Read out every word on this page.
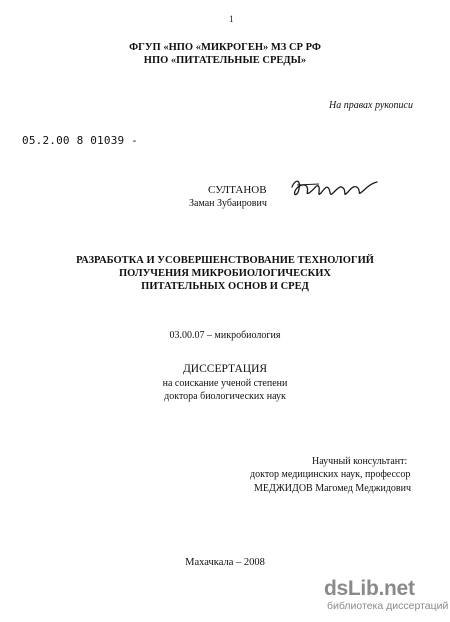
1
ФГУП «НПО «МИКРОГЕН» МЗ СР РФ
НПО «ПИТАТЕЛЬНЫЕ СРЕДЫ»
На правах рукописи
05.2.00 8 01039 -
СУЛТАНОВ
Заман Зубаирович
РАЗРАБОТКА И УСОВЕРШЕНСТВОВАНИЕ ТЕХНОЛОГИЙ
ПОЛУЧЕНИЯ МИКРОБИОЛОГИЧЕСКИХ
ПИТАТЕЛЬНЫХ ОСНОВ И СРЕД
03.00.07 – микробиология
ДИССЕРТАЦИЯ
на соискание ученой степени
доктора биологических наук
Научный консультант:
доктор медицинских наук, профессор
МЕДЖИДОВ Магомед Меджидович
Махачкала – 2008
dsLib.net
библиотека диссертаций
